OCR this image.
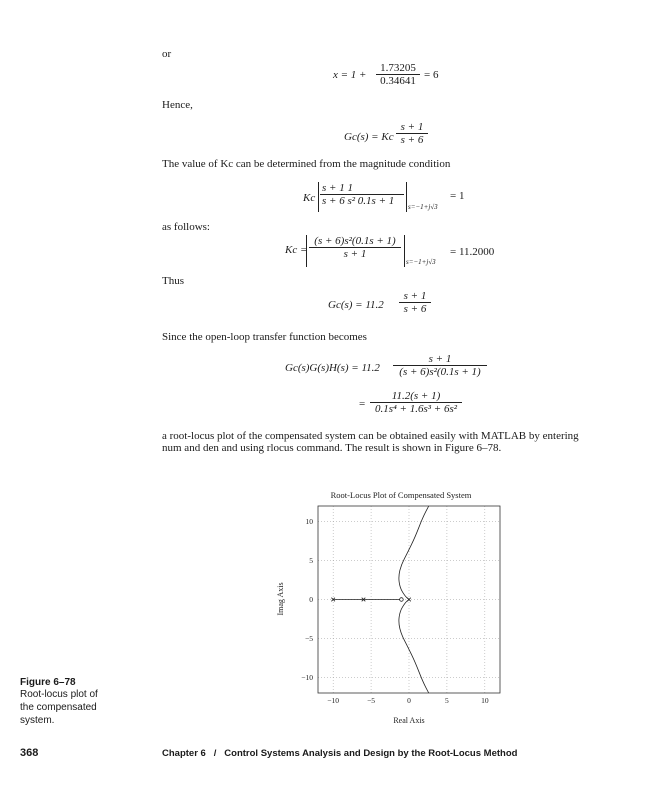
or
$x = 1 + \frac{1.73205}{0.34641} = 6$
Hence,
Gc(s) = Kc $\frac{s + 1}{s + 6}$
The value of Kc can be determined from the magnitude condition
Kc $\frac{s + 1 1}{\text{s + 6 s² 0.1s + 1}} s=-1+j√3$
= 1
as follows:
$Kc = \frac{\text{(s + 6)s²(0.1s + 1)}}{s + 1}$
s=−1+j√3
= 11.2000
Thus
$Gc(s) = 11.2 \frac{s + 1}{s + 6}$
Since the open-loop transfer function becomes
$Gc(s)G(s)H(s) = 11.2 \frac{s + 1}{\text{(s + 6)s²(0.1s + 1)}}$
= $\frac{11.2(s + 1)}{\text{0.1s⁴ + 1.6s³ + 6s²}}$
a root-locus plot of the compensated system can be obtained easily with MATLAB by entering
num and den and using rlocus command. The result is shown in Figure 6–78.
Root-Locus Plot of Compensated System
−10
−10
−5
−5
0
0
5
5
10
10
Real Axis
Imag Axis
Figure 6–78
Root-locus plot of
the compensated
system.
368	Chapter 6   /   Control Systems Analysis and Design by the Root-Locus Method
